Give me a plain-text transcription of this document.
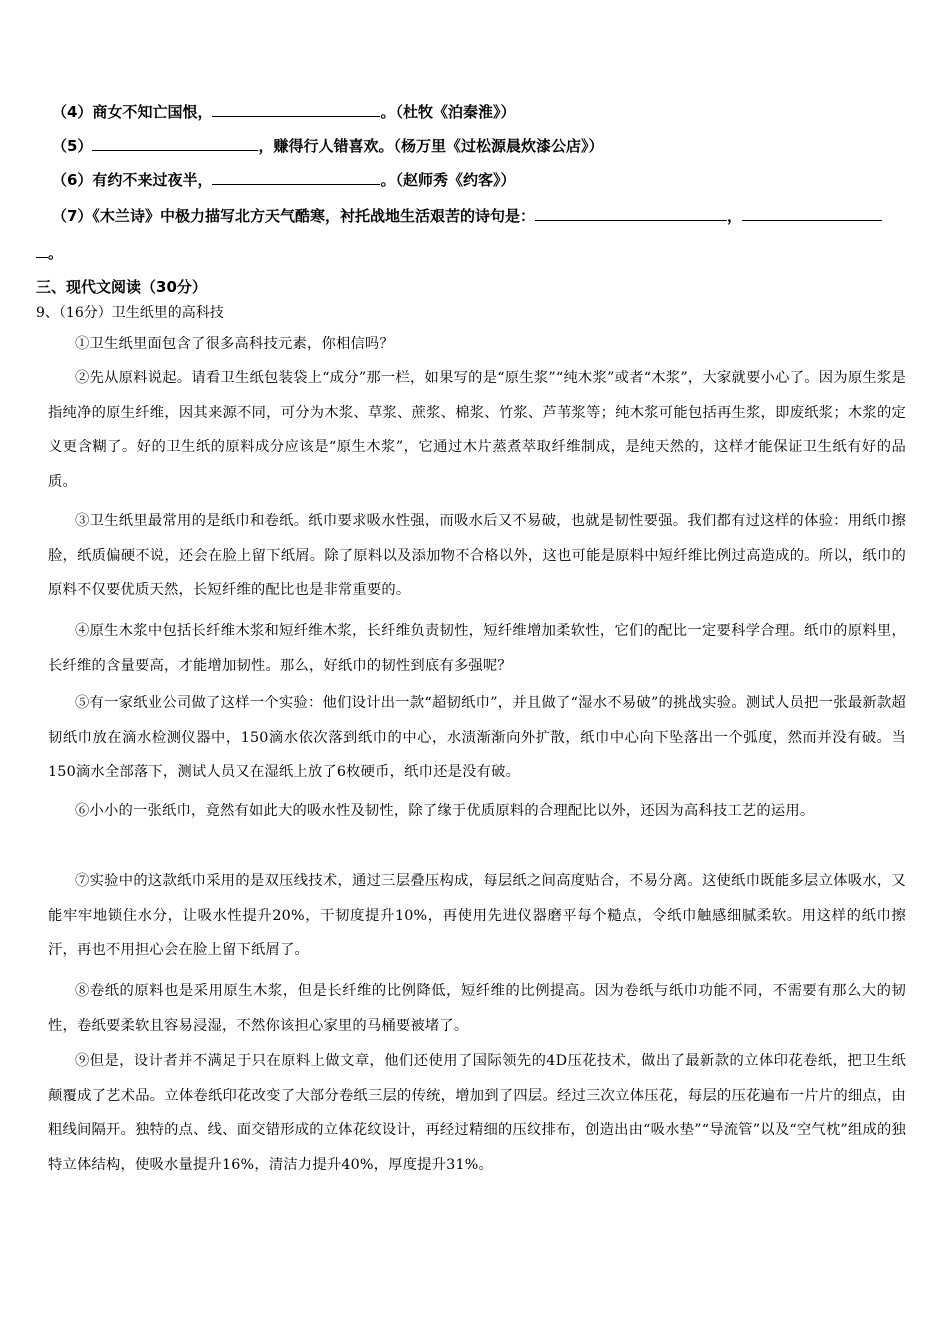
（4）商女不知亡国恨，	。（杜牧《泊秦淮》）
（5）	，赚得行人错喜欢。（杨万里《过松源晨炊漆公店》）
（6）有约不来过夜半，	。（赵师秀《约客》）
（7）《木兰诗》中极力描写北方天气酷寒，衬托战地生活艰苦的诗句是：	，
。
三、现代文阅读（30分）
9、（16分）卫生纸里的高科技
①卫生纸里面包含了很多高科技元素，你相信吗？
②先从原料说起。请看卫生纸包装袋上“成分”那一栏，如果写的是“原生浆”“纯木浆”或者“木浆”，大家就要小心了。因为原生浆是指纯净的原生纤维，因其来源不同，可分为木浆、草浆、蔗浆、棉浆、竹浆、芦苇浆等；纯木浆可能包括再生浆，即废纸浆；木浆的定义更含糊了。好的卫生纸的原料成分应该是“原生木浆”，它通过木片蒸煮萃取纤维制成，是纯天然的，这样才能保证卫生纸有好的品质。
③卫生纸里最常用的是纸巾和卷纸。纸巾要求吸水性强，而吸水后又不易破，也就是韧性要强。我们都有过这样的体验：用纸巾擦脸，纸质偏硬不说，还会在脸上留下纸屑。除了原料以及添加物不合格以外，这也可能是原料中短纤维比例过高造成的。所以，纸巾的原料不仅要优质天然，长短纤维的配比也是非常重要的。
④原生木浆中包括长纤维木浆和短纤维木浆，长纤维负责韧性，短纤维增加柔软性，它们的配比一定要科学合理。纸巾的原料里，长纤维的含量要高，才能增加韧性。那么，好纸巾的韧性到底有多强呢？
⑤有一家纸业公司做了这样一个实验：他们设计出一款“超韧纸巾”，并且做了“湿水不易破”的挑战实验。测试人员把一张最新款超韧纸巾放在滴水检测仪器中，150滴水依次落到纸巾的中心，水渍渐渐向外扩散，纸巾中心向下坠落出一个弧度，然而并没有破。当150滴水全部落下，测试人员又在湿纸上放了6枚硬币，纸巾还是没有破。
⑥小小的一张纸巾，竟然有如此大的吸水性及韧性，除了缘于优质原料的合理配比以外，还因为高科技工艺的运用。
⑦实验中的这款纸巾采用的是双压线技术，通过三层叠压构成，每层纸之间高度贴合，不易分离。这使纸巾既能多层立体吸水，又能牢牢地锁住水分，让吸水性提升20%，干韧度提升10%，再使用先进仪器磨平每个糙点，令纸巾触感细腻柔软。用这样的纸巾擦汗，再也不用担心会在脸上留下纸屑了。
⑧卷纸的原料也是采用原生木浆，但是长纤维的比例降低，短纤维的比例提高。因为卷纸与纸巾功能不同，不需要有那么大的韧性，卷纸要柔软且容易浸湿，不然你该担心家里的马桶要被堵了。
⑨但是，设计者并不满足于只在原料上做文章，他们还使用了国际领先的4D压花技术，做出了最新款的立体印花卷纸，把卫生纸颠覆成了艺术品。立体卷纸印花改变了大部分卷纸三层的传统，增加到了四层。经过三次立体压花，每层的压花遍布一片片的细点，由粗线间隔开。独特的点、线、面交错形成的立体花纹设计，再经过精细的压纹排布，创造出由“吸水垫”“导流管”以及“空气枕”组成的独特立体结构，使吸水量提升16%，清洁力提升40%，厚度提升31%。
